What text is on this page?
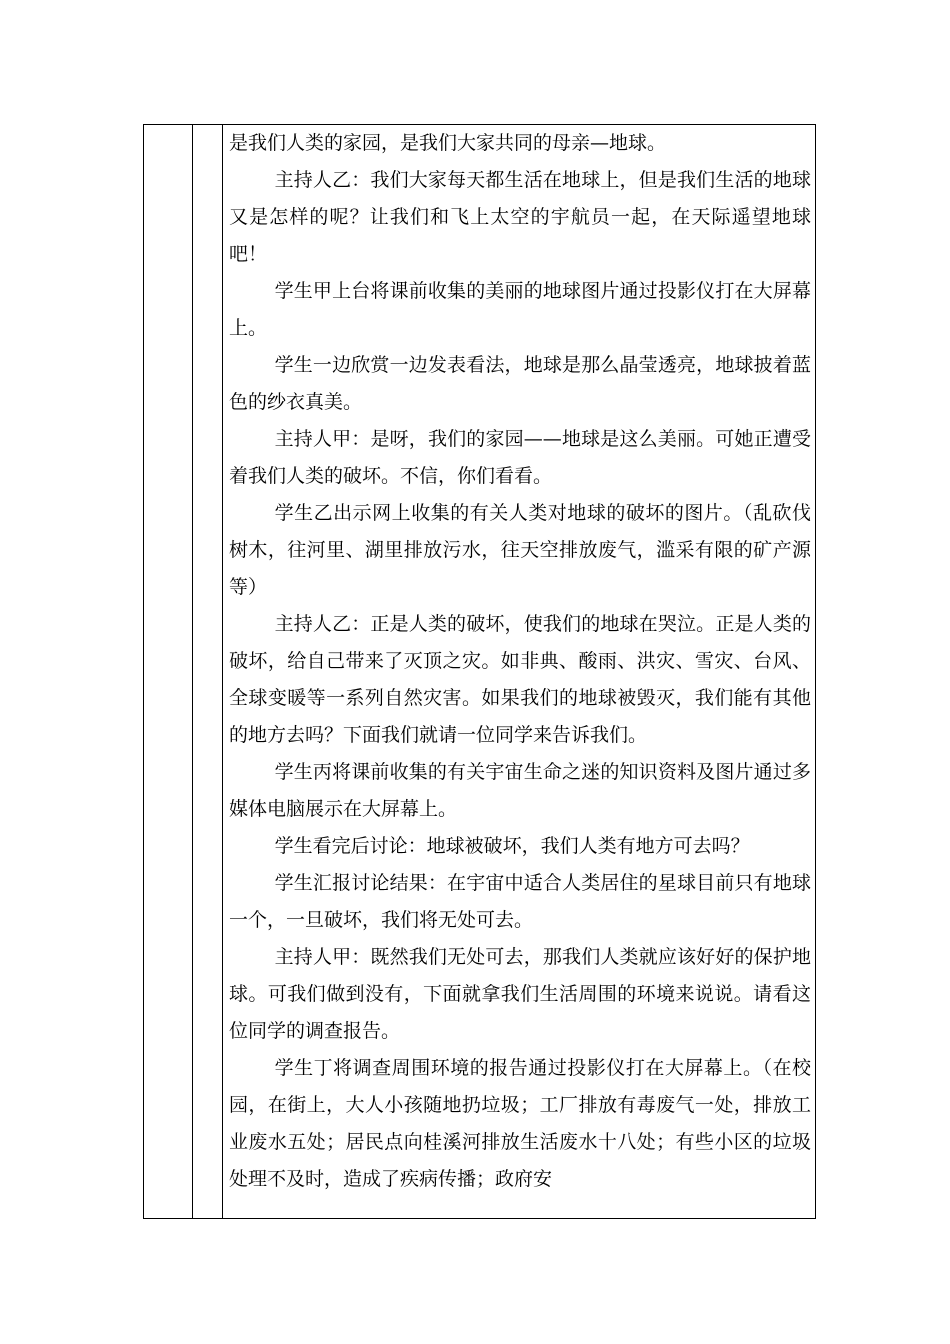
是我们人类的家园，是我们大家共同的母亲—地球。

主持人乙：我们大家每天都生活在地球上，但是我们生活的地球又是怎样的呢？让我们和飞上太空的宇航员一起，在天际遥望地球吧！

学生甲上台将课前收集的美丽的地球图片通过投影仪打在大屏幕上。

学生一边欣赏一边发表看法，地球是那么晶莹透亮，地球披着蓝色的纱衣真美。

主持人甲：是呀，我们的家园——地球是这么美丽。可她正遭受着我们人类的破坏。不信，你们看看。

学生乙出示网上收集的有关人类对地球的破坏的图片。（乱砍伐树木，往河里、湖里排放污水，往天空排放废气，滥采有限的矿产源等）

主持人乙：正是人类的破坏，使我们的地球在哭泣。正是人类的破坏，给自己带来了灭顶之灾。如非典、酸雨、洪灾、雪灾、台风、全球变暖等一系列自然灾害。如果我们的地球被毁灭，我们能有其他的地方去吗？下面我们就请一位同学来告诉我们。

学生丙将课前收集的有关宇宙生命之迷的知识资料及图片通过多媒体电脑展示在大屏幕上。

学生看完后讨论：地球被破坏，我们人类有地方可去吗？

学生汇报讨论结果：在宇宙中适合人类居住的星球目前只有地球一个，一旦破坏，我们将无处可去。

主持人甲：既然我们无处可去，那我们人类就应该好好的保护地球。可我们做到没有，下面就拿我们生活周围的环境来说说。请看这位同学的调查报告。

学生丁将调查周围环境的报告通过投影仪打在大屏幕上。（在校园，在街上，大人小孩随地扔垃圾；工厂排放有毒废气一处，排放工业废水五处；居民点向桂溪河排放生活废水十八处；有些小区的垃圾处理不及时，造成了疾病传播；政府安
